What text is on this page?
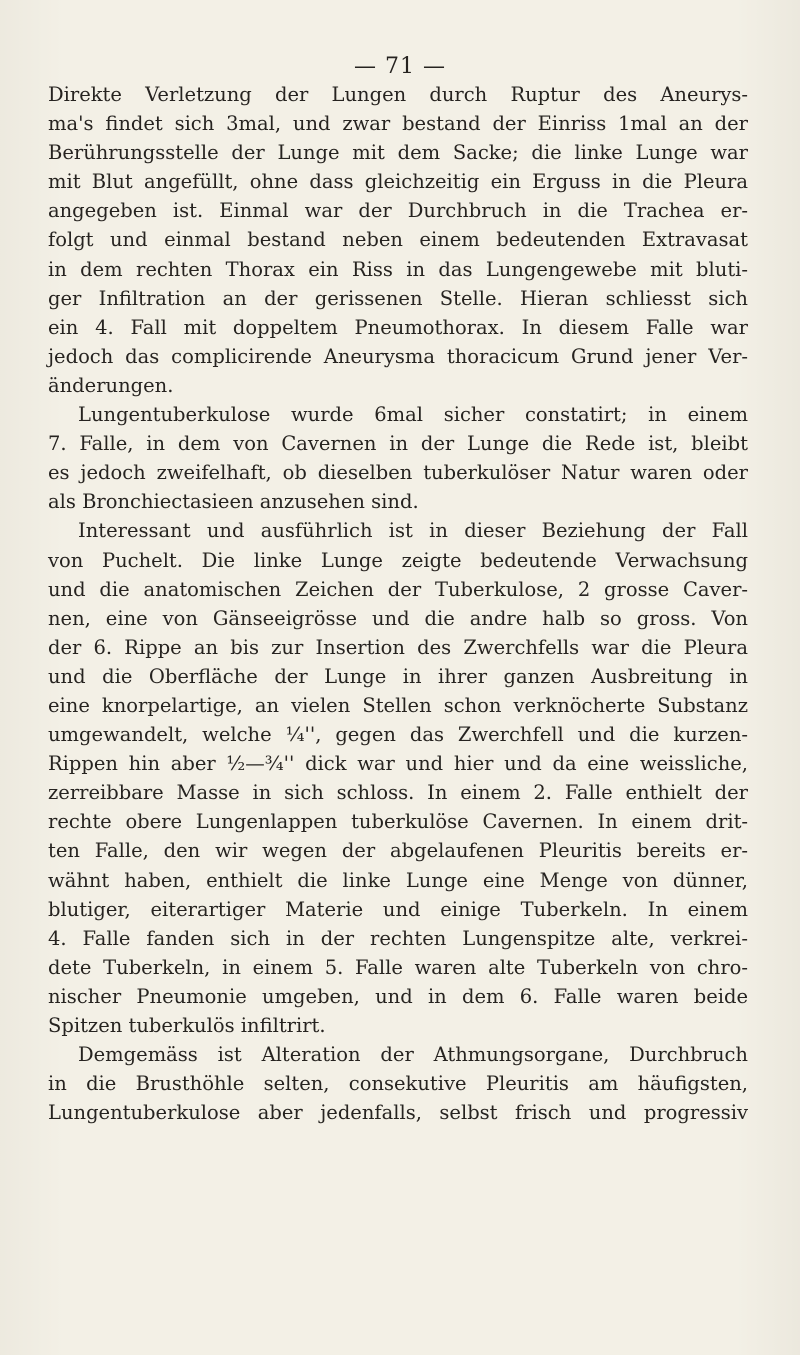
— 71 —
Direkte Verletzung der Lungen durch Ruptur des Aneurys-
ma's findet sich 3mal, und zwar bestand der Einriss 1mal an der
Berührungsstelle der Lunge mit dem Sacke; die linke Lunge war
mit Blut angefüllt, ohne dass gleichzeitig ein Erguss in die Pleura
angegeben ist. Einmal war der Durchbruch in die Trachea er-
folgt und einmal bestand neben einem bedeutenden Extravasat
in dem rechten Thorax ein Riss in das Lungengewebe mit bluti-
ger Infiltration an der gerissenen Stelle. Hieran schliesst sich
ein 4. Fall mit doppeltem Pneumothorax. In diesem Falle war
jedoch das complicirende Aneurysma thoracicum Grund jener Ver-
änderungen.
Lungentuberkulose wurde 6mal sicher constatirt; in einem
7. Falle, in dem von Cavernen in der Lunge die Rede ist, bleibt
es jedoch zweifelhaft, ob dieselben tuberkulöser Natur waren oder
als Bronchiectasieen anzusehen sind.
Interessant und ausführlich ist in dieser Beziehung der Fall
von Puchelt. Die linke Lunge zeigte bedeutende Verwachsung
und die anatomischen Zeichen der Tuberkulose, 2 grosse Caver-
nen, eine von Gänseeigrösse und die andre halb so gross. Von
der 6. Rippe an bis zur Insertion des Zwerchfells war die Pleura
und die Oberfläche der Lunge in ihrer ganzen Ausbreitung in
eine knorpelartige, an vielen Stellen schon verknöcherte Substanz
umgewandelt, welche ¼'', gegen das Zwerchfell und die kurzen-
Rippen hin aber ½—¾'' dick war und hier und da eine weissliche,
zerreibbare Masse in sich schloss. In einem 2. Falle enthielt der
rechte obere Lungenlappen tuberkulöse Cavernen. In einem drit-
ten Falle, den wir wegen der abgelaufenen Pleuritis bereits er-
wähnt haben, enthielt die linke Lunge eine Menge von dünner,
blutiger, eiterartiger Materie und einige Tuberkeln. In einem
4. Falle fanden sich in der rechten Lungenspitze alte, verkrei-
dete Tuberkeln, in einem 5. Falle waren alte Tuberkeln von chro-
nischer Pneumonie umgeben, und in dem 6. Falle waren beide
Spitzen tuberkulös infiltrirt.
Demgemäss ist Alteration der Athmungsorgane, Durchbruch
in die Brusthöhle selten, consekutive Pleuritis am häufigsten,
Lungentuberkulose aber jedenfalls, selbst frisch und progressiv
